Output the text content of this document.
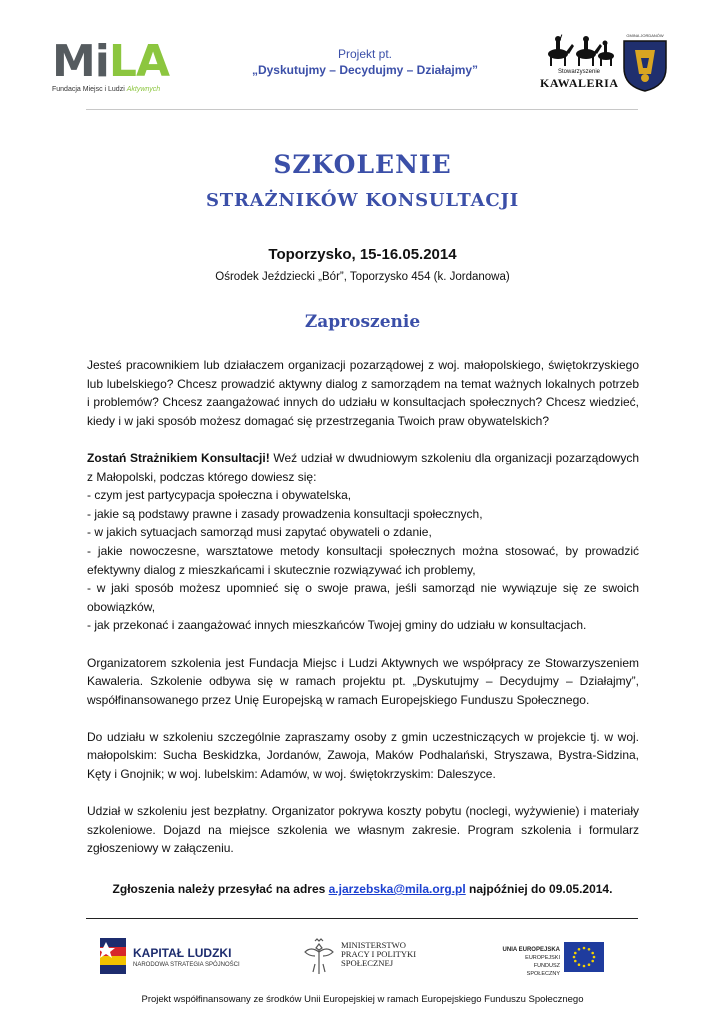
MiLA
Fundacja Miejsc i Ludzi Aktywnych
Projekt pt.
„Dyskutujmy – Decydujmy – Działajmy”	Stowarzyszenie
KAWALERIA
GMINA JORDANÓW
SZKOLENIE
STRAŻNIKÓW KONSULTACJI
Toporzysko, 15-16.05.2014
Ośrodek Jeździecki „Bór”, Toporzysko 454 (k. Jordanowa)
Zaproszenie

Jesteś pracownikiem lub działaczem organizacji pozarządowej z woj. małopolskiego, świętokrzyskiego lub lubelskiego? Chcesz prowadzić aktywny dialog z samorządem na temat ważnych lokalnych potrzeb i problemów? Chcesz zaangażować innych do udziału w konsultacjach społecznych? Chcesz wiedzieć, kiedy i w jaki sposób możesz domagać się przestrzegania Twoich praw obywatelskich?

Zostań Strażnikiem Konsultacji! Weź udział w dwudniowym szkoleniu dla organizacji pozarządowych z Małopolski, podczas którego dowiesz się:
- czym jest partycypacja społeczna i obywatelska,
- jakie są podstawy prawne i zasady prowadzenia konsultacji społecznych,
- w jakich sytuacjach samorząd musi zapytać obywateli o zdanie,
- jakie nowoczesne, warsztatowe metody konsultacji społecznych można stosować, by prowadzić efektywny dialog z mieszkańcami i skutecznie rozwiązywać ich problemy,
- w jaki sposób możesz upomnieć się o swoje prawa, jeśli samorząd nie wywiązuje się ze swoich obowiązków,
- jak przekonać i zaangażować innych mieszkańców Twojej gminy do udziału w konsultacjach.

Organizatorem szkolenia jest Fundacja Miejsc i Ludzi Aktywnych we współpracy ze Stowarzyszeniem Kawaleria. Szkolenie odbywa się w ramach projektu pt. „Dyskutujmy – Decydujmy – Działajmy”, współfinansowanego przez Unię Europejską w ramach Europejskiego Funduszu Społecznego.

Do udziału w szkoleniu szczególnie zapraszamy osoby z gmin uczestniczących w projekcie tj. w woj. małopolskim: Sucha Beskidzka, Jordanów, Zawoja, Maków Podhalański, Stryszawa, Bystra-Sidzina, Kęty i Gnojnik; w woj. lubelskim: Adamów, w woj. świętokrzyskim: Daleszyce.

Udział w szkoleniu jest bezpłatny. Organizator pokrywa koszty pobytu (noclegi, wyżywienie) i materiały szkoleniowe. Dojazd na miejsce szkolenia we własnym zakresie. Program szkolenia i formularz zgłoszeniowy w załączeniu.

Zgłoszenia należy przesyłać na adres a.jarzebska@mila.org.pl najpóźniej do 09.05.2014.
KAPITAŁ LUDZKI
NARODOWA STRATEGIA SPÓJNOŚCI
MINISTERSTWO
PRACY I POLITYKI
SPOŁECZNEJ
UNIA EUROPEJSKA
EUROPEJSKI
FUNDUSZ SPOŁECZNY
Projekt współfinansowany ze środków Unii Europejskiej w ramach Europejskiego Funduszu Społecznego
